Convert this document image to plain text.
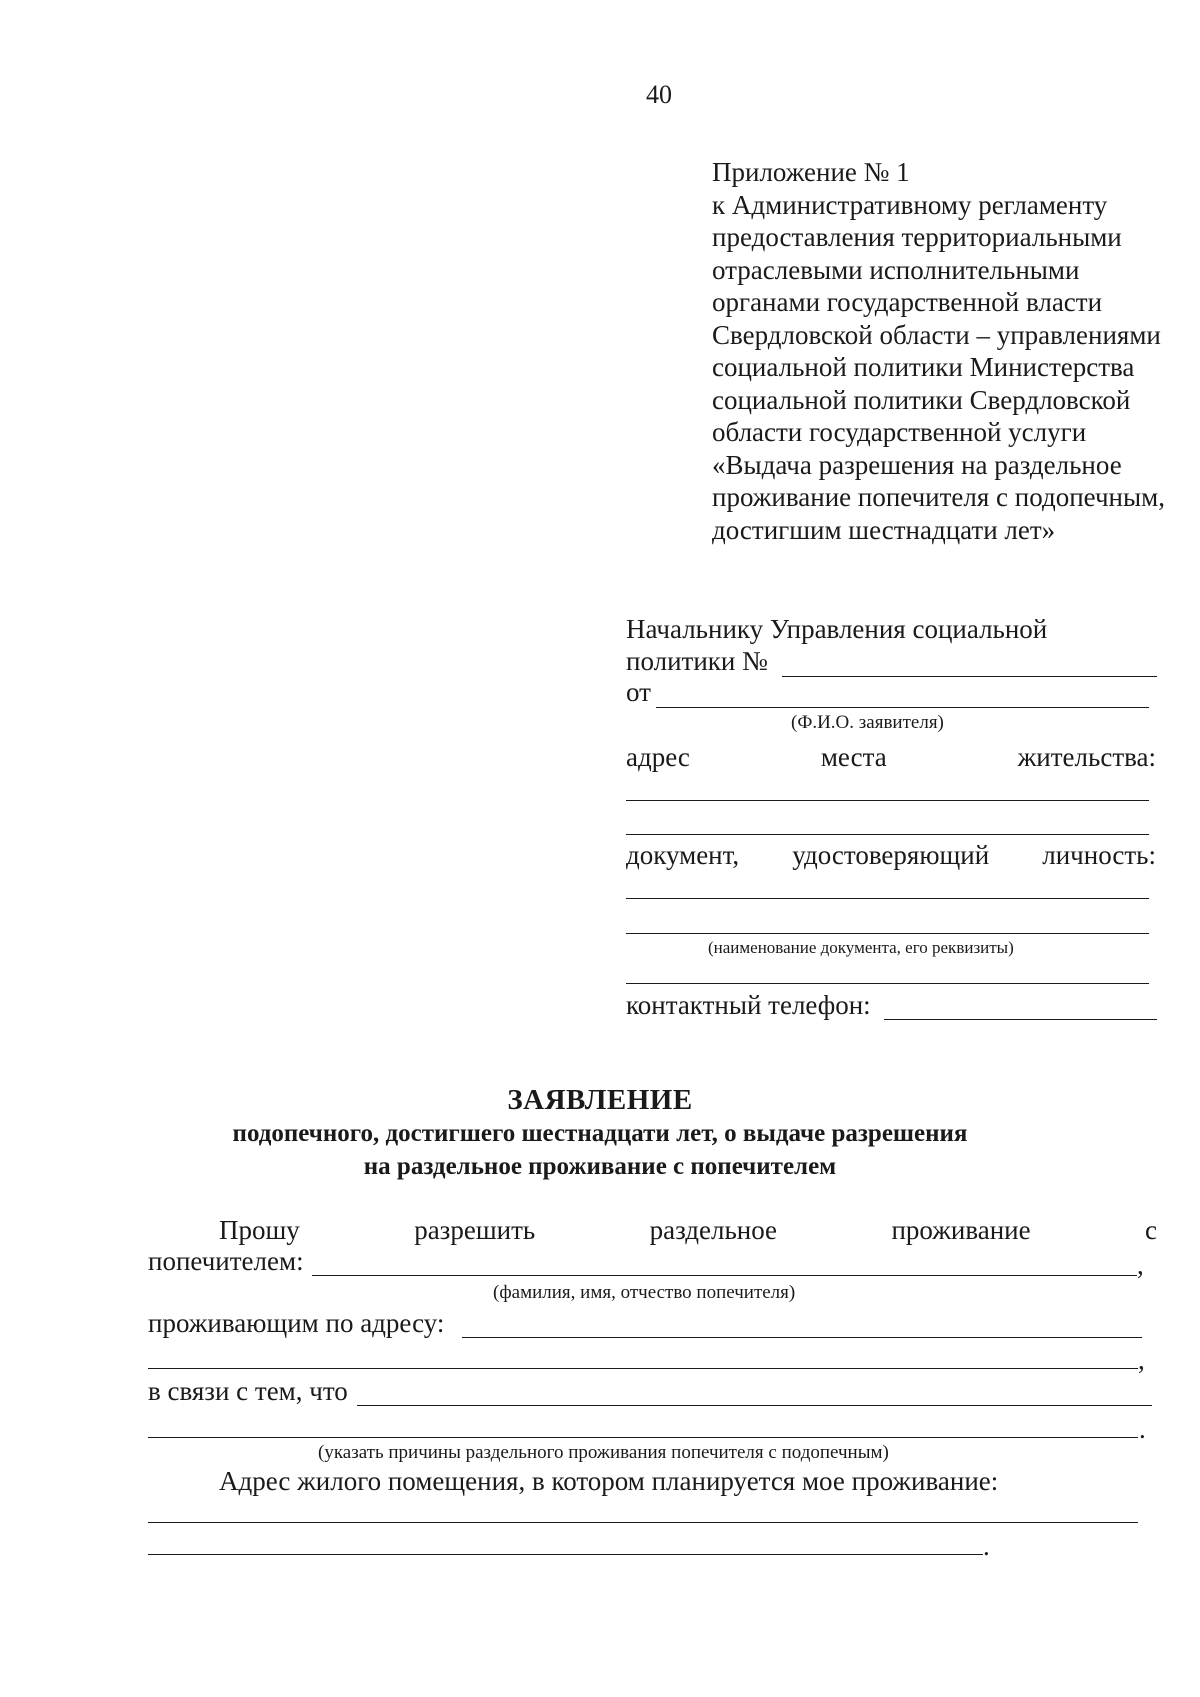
40
Приложение № 1
к Административному регламенту
предоставления территориальными
отраслевыми исполнительными
органами государственной власти
Свердловской области – управлениями
социальной политики Министерства
социальной политики Свердловской
области государственной услуги
«Выдача разрешения на раздельное
проживание попечителя с подопечным,
достигшим шестнадцати лет»
Начальнику Управления социальной
политики №
от
(Ф.И.О. заявителя)
адрес	места	жительства:
документ, удостоверяющий личность:
(наименование документа, его реквизиты)
контактный телефон:
ЗАЯВЛЕНИЕ
подопечного, достигшего шестнадцати лет, о выдаче разрешения
на раздельное проживание с попечителем
Прошу	разрешить	раздельное	проживание	с
попечителем:	,
(фамилия, имя, отчество попечителя)
проживающим по адресу:
,
в связи с тем, что
.
(указать причины раздельного проживания попечителя с подопечным)
Адрес жилого помещения, в котором планируется мое проживание:
.
